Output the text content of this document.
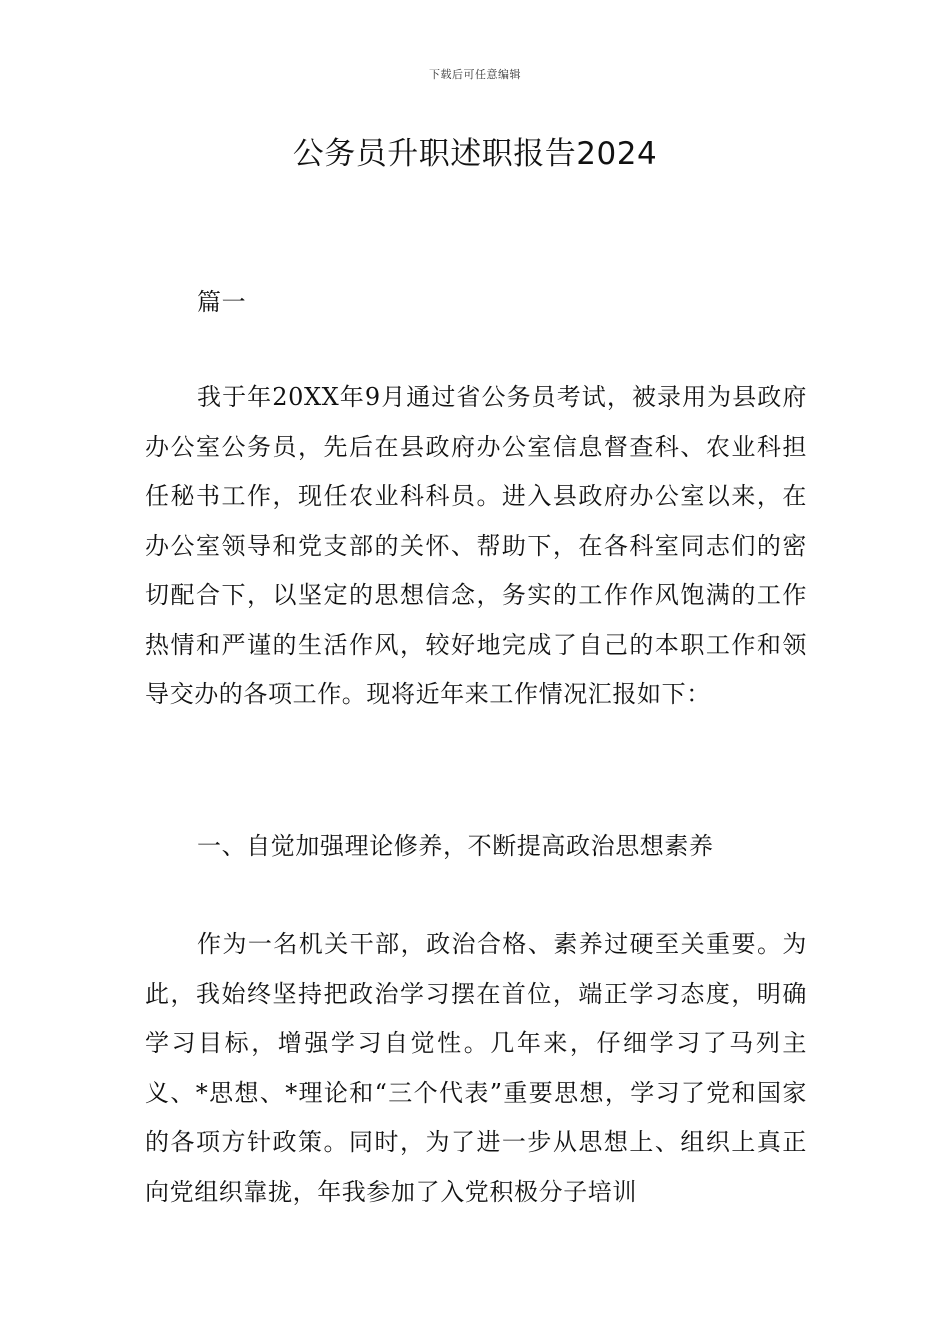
下载后可任意编辑
公务员升职述职报告2024

篇一

我于年20XX年9月通过省公务员考试，被录用为县政府办公室公务员，先后在县政府办公室信息督查科、农业科担任秘书工作，现任农业科科员。进入县政府办公室以来，在办公室领导和党支部的关怀、帮助下，在各科室同志们的密切配合下，以坚定的思想信念，务实的工作作风饱满的工作热情和严谨的生活作风，较好地完成了自己的本职工作和领导交办的各项工作。现将近年来工作情况汇报如下：

一、自觉加强理论修养，不断提高政治思想素养

作为一名机关干部，政治合格、素养过硬至关重要。为此，我始终坚持把政治学习摆在首位，端正学习态度，明确学习目标，增强学习自觉性。几年来，仔细学习了马列主义、*思想、*理论和“三个代表”重要思想，学习了党和国家的各项方针政策。同时，为了进一步从思想上、组织上真正向党组织靠拢，年我参加了入党积极分子培训
